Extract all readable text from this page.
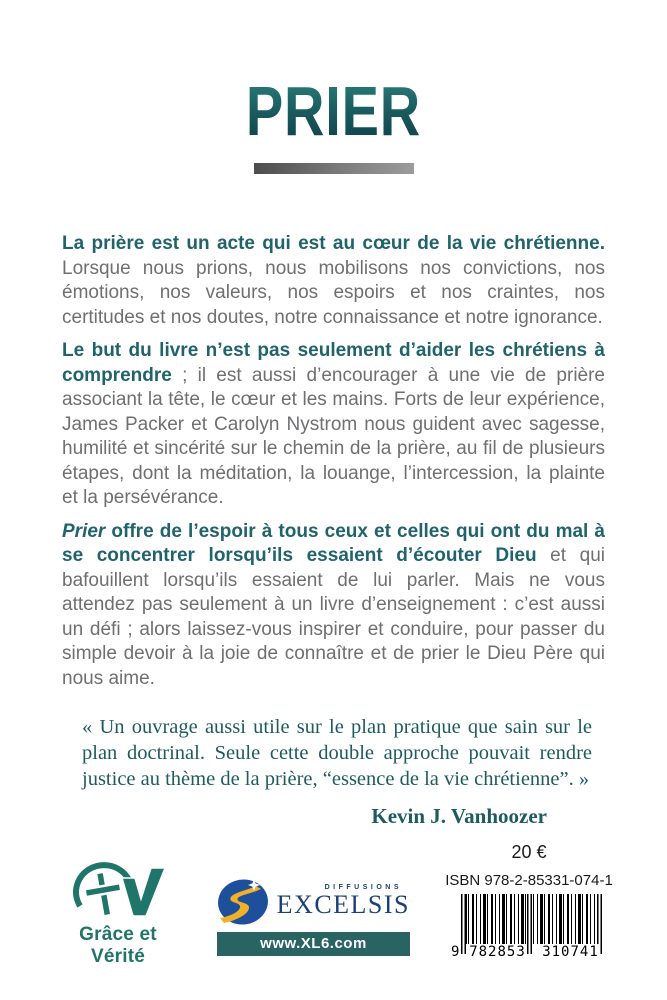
PRIER

La prière est un acte qui est au cœur de la vie chrétienne. Lorsque nous prions, nous mobilisons nos convictions, nos émotions, nos valeurs, nos espoirs et nos craintes, nos certitudes et nos doutes, notre connaissance et notre ignorance.

Le but du livre n’est pas seulement d’aider les chrétiens à comprendre ; il est aussi d’encourager à une vie de prière associant la tête, le cœur et les mains. Forts de leur expérience, James Packer et Carolyn Nystrom nous guident avec sagesse, humilité et sincérité sur le chemin de la prière, au fil de plusieurs étapes, dont la méditation, la louange, l’intercession, la plainte et la persévérance.

Prier offre de l’espoir à tous ceux et celles qui ont du mal à se concentrer lorsqu’ils essaient d’écouter Dieu et qui bafouillent lorsqu’ils essaient de lui parler. Mais ne vous attendez pas seulement à un livre d’enseignement : c’est aussi un défi ; alors laissez-vous inspirer et conduire, pour passer du simple devoir à la joie de connaître et de prier le Dieu Père qui nous aime.

« Un ouvrage aussi utile sur le plan pratique que sain sur le plan doctrinal. Seule cette double approche pouvait rendre justice au thème de la prière, “essence de la vie chrétienne”. »
Kevin J. Vanhoozer
Grâce et Vérité
DIFFUSIONS
EXCELSIS
www.XL6.com
20 €
ISBN 978-2-85331-074-1
9 782853 310741
